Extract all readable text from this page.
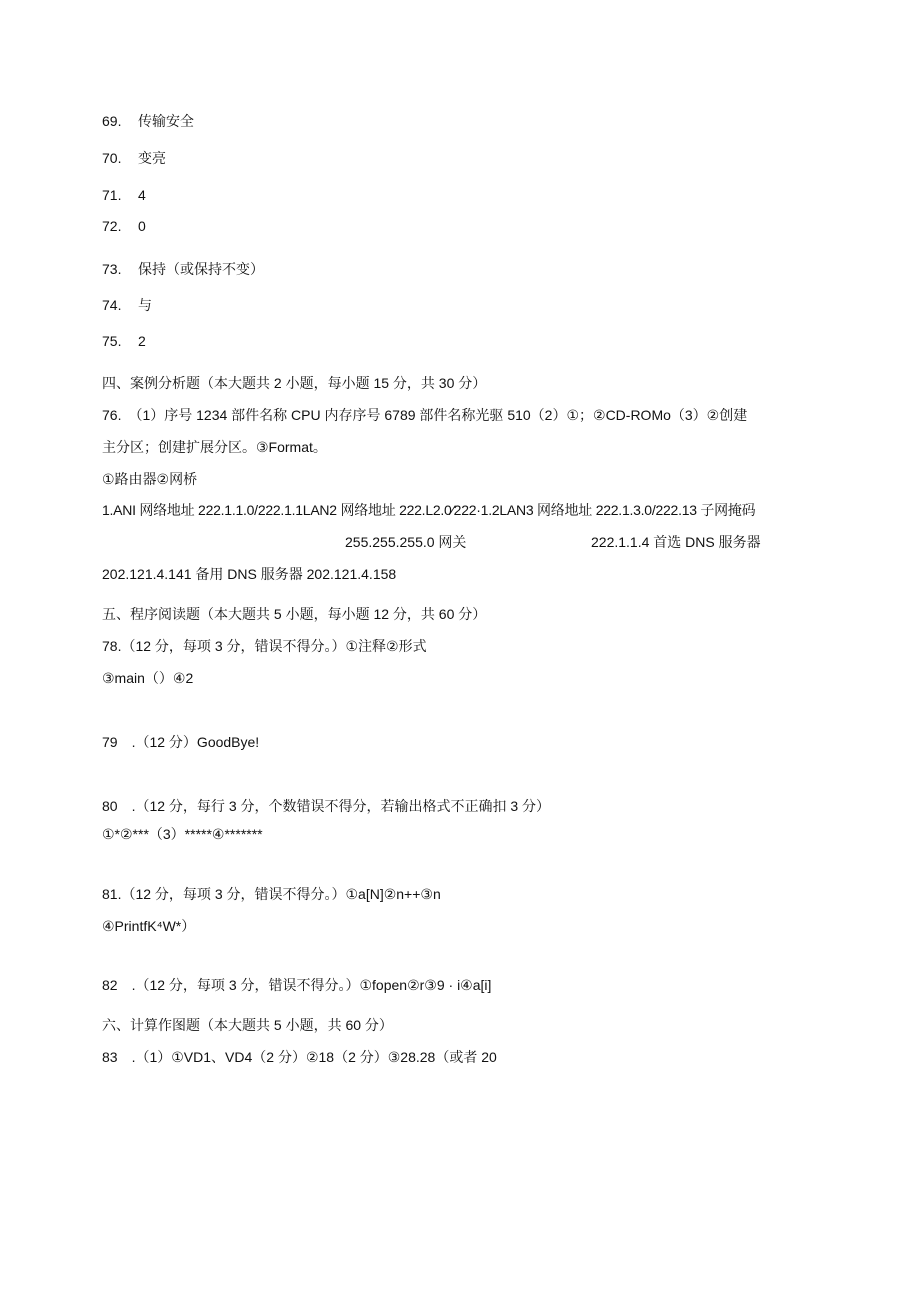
69. 传输安全
70. 变亮
71. 4
72. 0
73. 保持（或保持不变）
74. 与
75. 2
四、案例分析题（本大题共 2 小题，每小题 15 分，共 30 分）
76.　（1）序号 1234 部件名称 CPU 内存序号 6789 部件名称光驱 510（2）①；②CD-ROMo（3）②创建
主分区；创建扩展分区。③Format。
①路由器②网桥
1.ANI 网络地址 222.1.1.0/222.1.1LAN2 网络地址 222.L2.0⁄222·1.2LAN3 网络地址 222.1.3.0/222.13 子网掩码
255.255.255.0 网关	222.1.1.4 首选 DNS 服务器
202.121.4.141 备用 DNS 服务器 202.121.4.158
五、程序阅读题（本大题共 5 小题，每小题 12 分，共 60 分）
78.（12 分，每项 3 分，错误不得分。）①注释②形式
③main（）④2
79　.（12 分）GoodBye!
80　.（12 分，每行 3 分，个数错误不得分，若输出格式不正确扣 3 分）
①*②***（3）*****④*******
81.（12 分，每项 3 分，错误不得分。）①a[N]②n++③n
④PrintfK⁴W*）
82　.（12 分，每项 3 分，错误不得分。）①fopen②r③9 · i④a[i]
六、计算作图题（本大题共 5 小题，共 60 分）
83　.（1）①VD1、VD4（2 分）②18（2 分）③28.28（或者 20
